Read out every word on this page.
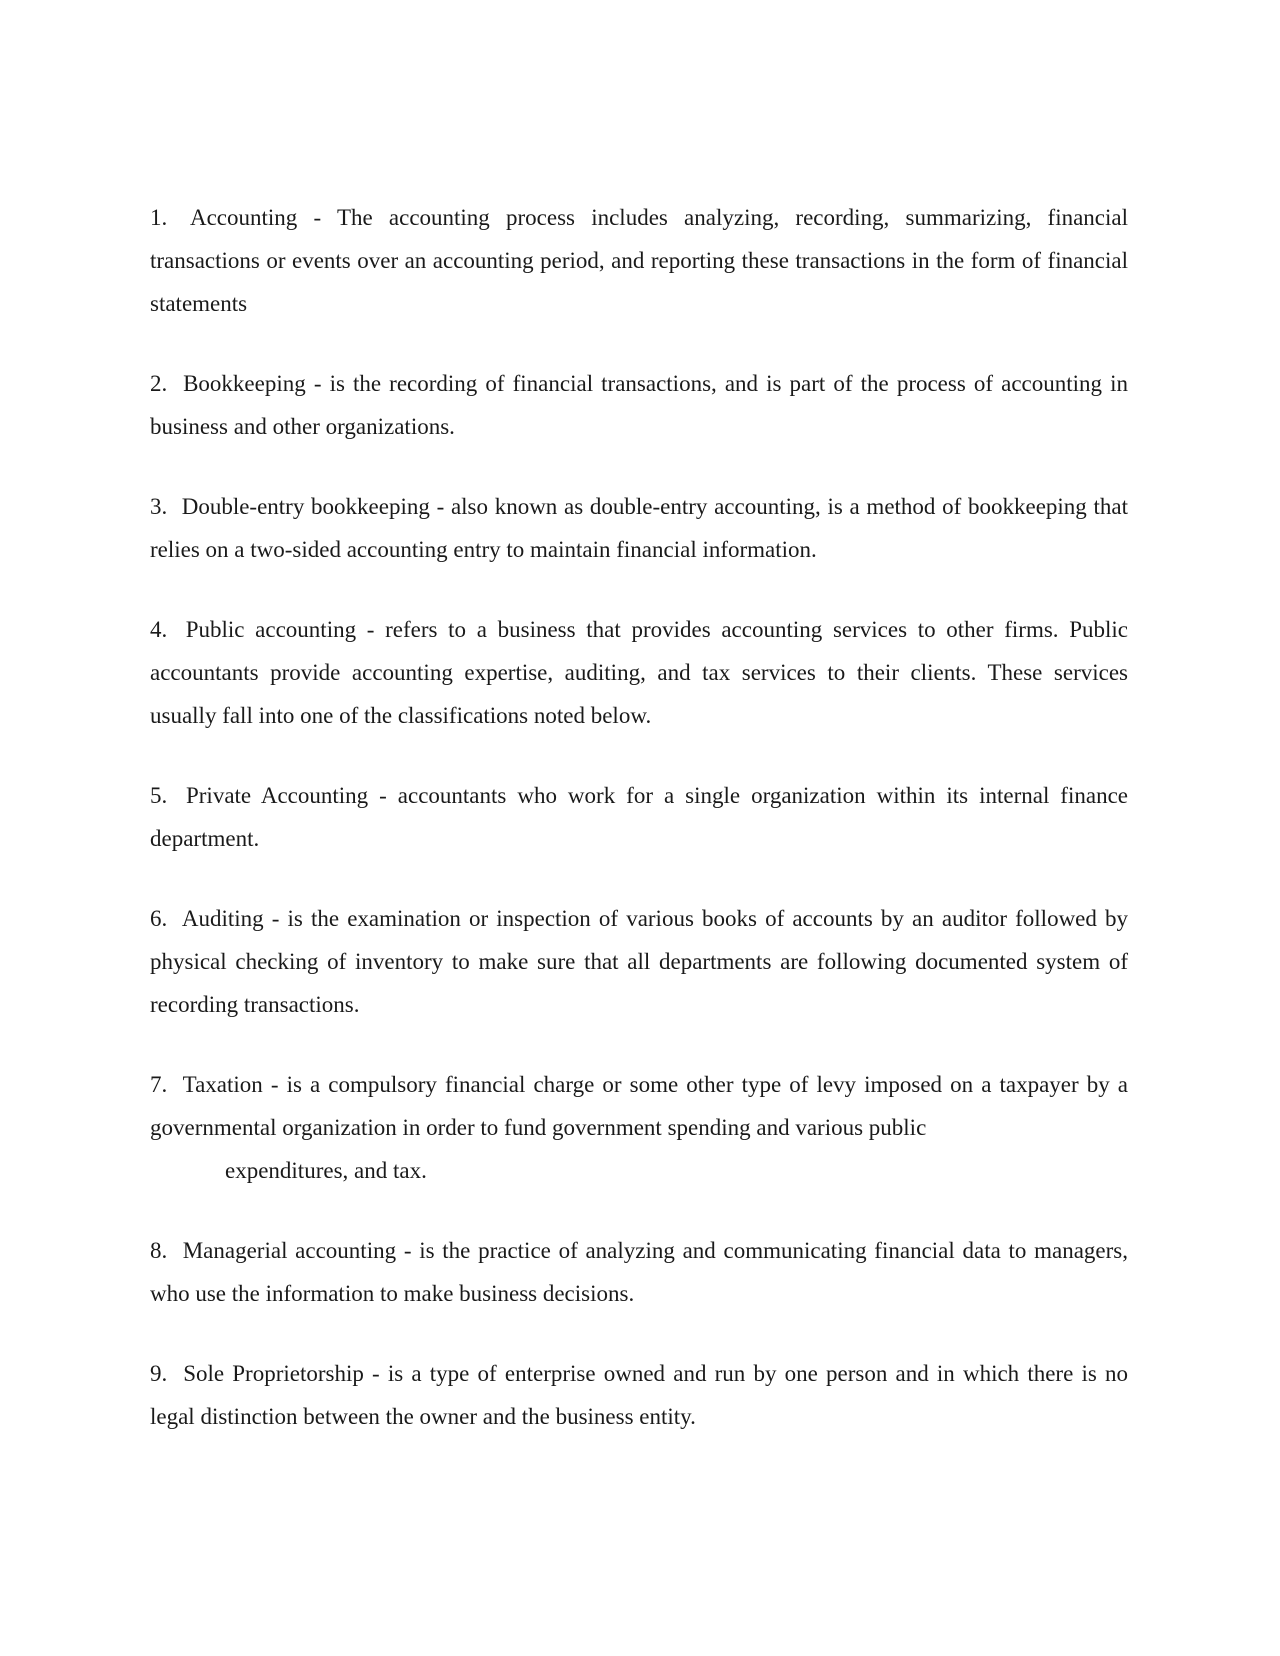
1. Accounting - The accounting process includes analyzing, recording, summarizing, financial transactions or events over an accounting period, and reporting these transactions in the form of financial statements

2. Bookkeeping - is the recording of financial transactions, and is part of the process of accounting in business and other organizations.

3. Double-entry bookkeeping - also known as double-entry accounting, is a method of bookkeeping that relies on a two-sided accounting entry to maintain financial information.

4. Public accounting - refers to a business that provides accounting services to other firms. Public accountants provide accounting expertise, auditing, and tax services to their clients. These services usually fall into one of the classifications noted below.

5. Private Accounting - accountants who work for a single organization within its internal finance department.

6. Auditing - is the examination or inspection of various books of accounts by an auditor followed by physical checking of inventory to make sure that all departments are following documented system of recording transactions.

7. Taxation - is a compulsory financial charge or some other type of levy imposed on a taxpayer by a governmental organization in order to fund government spending and various public
expenditures, and tax.

8. Managerial accounting - is the practice of analyzing and communicating financial data to managers, who use the information to make business decisions.

9. Sole Proprietorship - is a type of enterprise owned and run by one person and in which there is no legal distinction between the owner and the business entity.
